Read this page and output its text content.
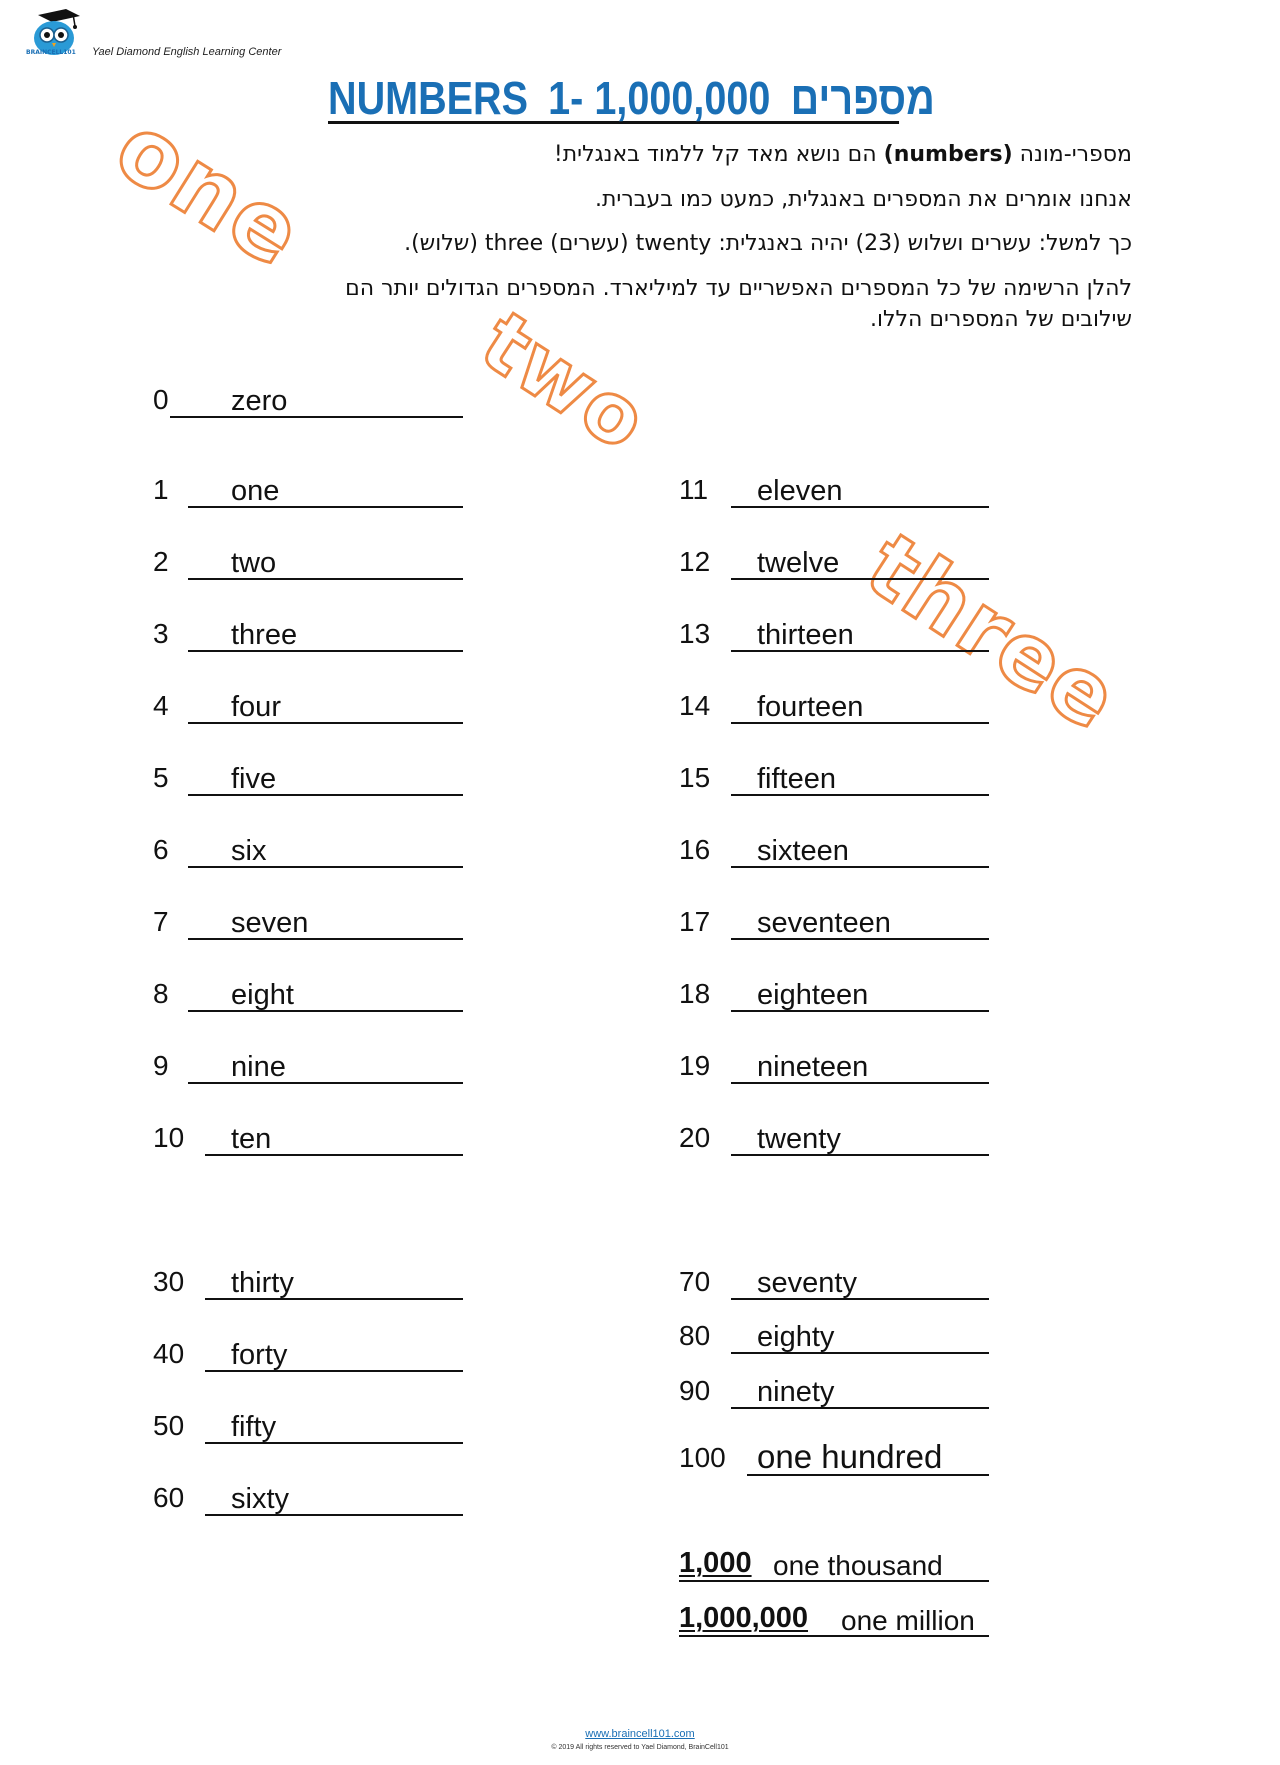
BRAINCELL101 Yael Diamond English Learning Center
one
two
three
NUMBERS 1- 1,000,000 מספרים
מספרי-מונה (numbers) הם נושא מאד קל ללמוד באנגלית!
אנחנו אומרים את המספרים באנגלית, כמעט כמו בעברית.
כך למשל: עשרים ושלוש (23) יהיה באנגלית: twenty (עשרים) three (שלוש).
להלן הרשימה של כל המספרים האפשריים עד למיליארד. המספרים הגדולים יותר הם
שילובים של המספרים הללו.
0 zero
1 one
2 two
3 three
4 four
5 five
6 six
7 seven
8 eight
9 nine
10 ten
11 eleven
12 twelve
13 thirteen
14 fourteen
15 fifteen
16 sixteen
17 seventeen
18 eighteen
19 nineteen
20 twenty
30 thirty
40 forty
50 fifty
60 sixty
70 seventy
80 eighty
90 ninety
100 one hundred
1,000 one thousand
1,000,000 one million
www.braincell101.com
© 2019 All rights reserved to Yael Diamond, BrainCell101
